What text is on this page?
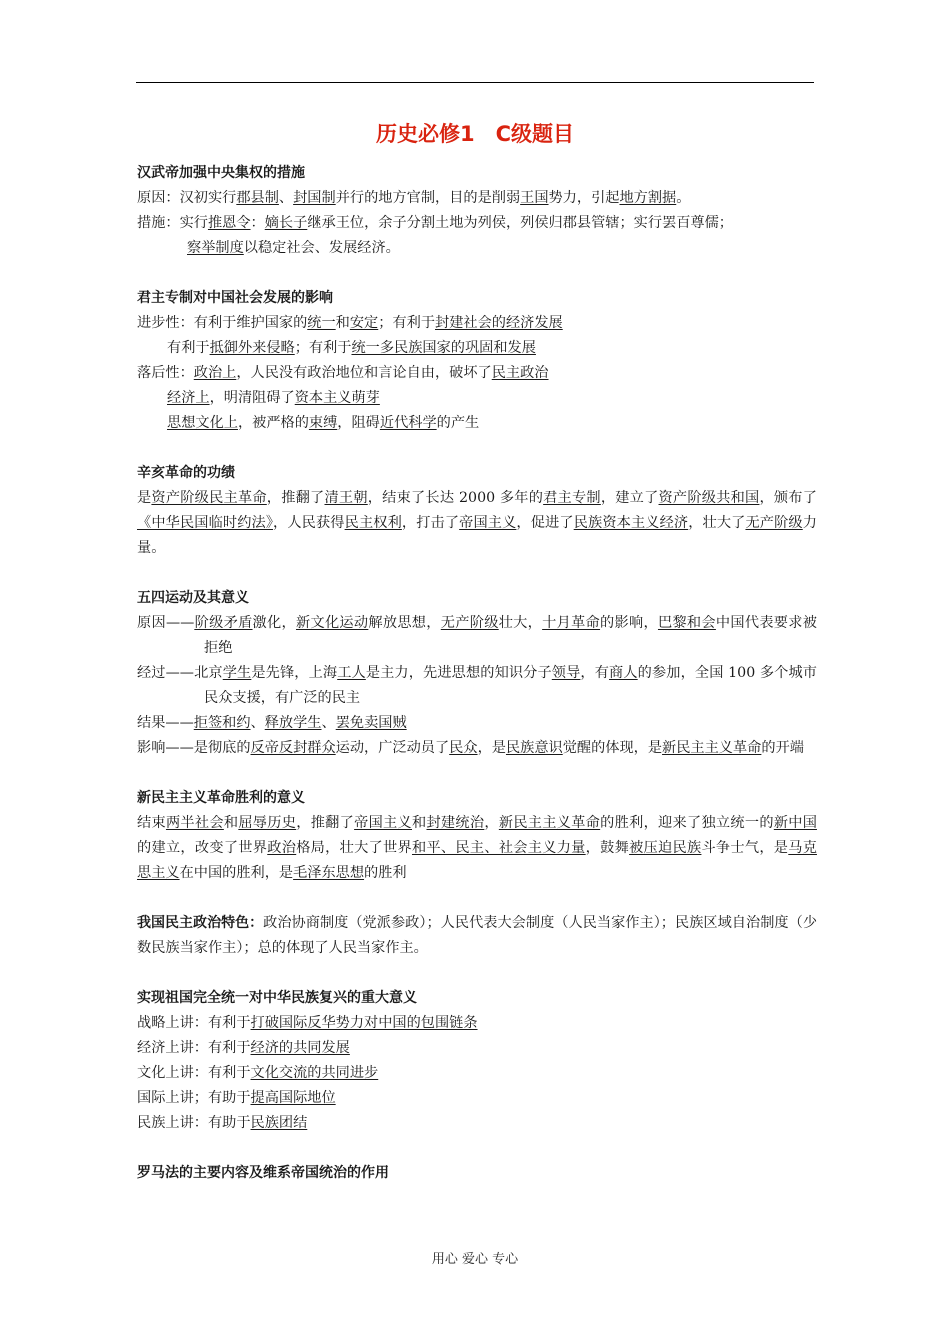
历史必修1　C级题目
汉武帝加强中央集权的措施
原因：汉初实行郡县制、封国制并行的地方官制，目的是削弱王国势力，引起地方割据。
措施：实行推恩令：嫡长子继承王位，余子分割土地为列侯，列侯归郡县管辖；实行罢百尊儒；
察举制度以稳定社会、发展经济。
君主专制对中国社会发展的影响
进步性：有利于维护国家的统一和安定；有利于封建社会的经济发展
有利于抵御外来侵略；有利于统一多民族国家的巩固和发展
落后性：政治上，人民没有政治地位和言论自由，破坏了民主政治
经济上，明清阻碍了资本主义萌芽
思想文化上，被严格的束缚，阻碍近代科学的产生
辛亥革命的功绩
是资产阶级民主革命，推翻了清王朝，结束了长达 2000 多年的君主专制，建立了资产阶级共和国，颁布了《中华民国临时约法》，人民获得民主权利，打击了帝国主义，促进了民族资本主义经济，壮大了无产阶级力量。
五四运动及其意义
原因——阶级矛盾激化，新文化运动解放思想，无产阶级壮大，十月革命的影响，巴黎和会中国代表要求被拒绝
经过——北京学生是先锋，上海工人是主力，先进思想的知识分子领导，有商人的参加，全国 100 多个城市民众支援，有广泛的民主
结果——拒签和约、释放学生、罢免卖国贼
影响——是彻底的反帝反封群众运动，广泛动员了民众，是民族意识觉醒的体现，是新民主主义革命的开端
新民主主义革命胜利的意义
结束两半社会和屈辱历史，推翻了帝国主义和封建统治，新民主主义革命的胜利，迎来了独立统一的新中国的建立，改变了世界政治格局，壮大了世界和平、民主、社会主义力量，鼓舞被压迫民族斗争士气，是马克思主义在中国的胜利，是毛泽东思想的胜利
我国民主政治特色：政治协商制度（党派参政）；人民代表大会制度（人民当家作主）；民族区域自治制度（少数民族当家作主）；总的体现了人民当家作主。
实现祖国完全统一对中华民族复兴的重大意义
战略上讲：有利于打破国际反华势力对中国的包围链条
经济上讲：有利于经济的共同发展
文化上讲：有利于文化交流的共同进步
国际上讲；有助于提高国际地位
民族上讲：有助于民族团结
罗马法的主要内容及维系帝国统治的作用
用心 爱心 专心
